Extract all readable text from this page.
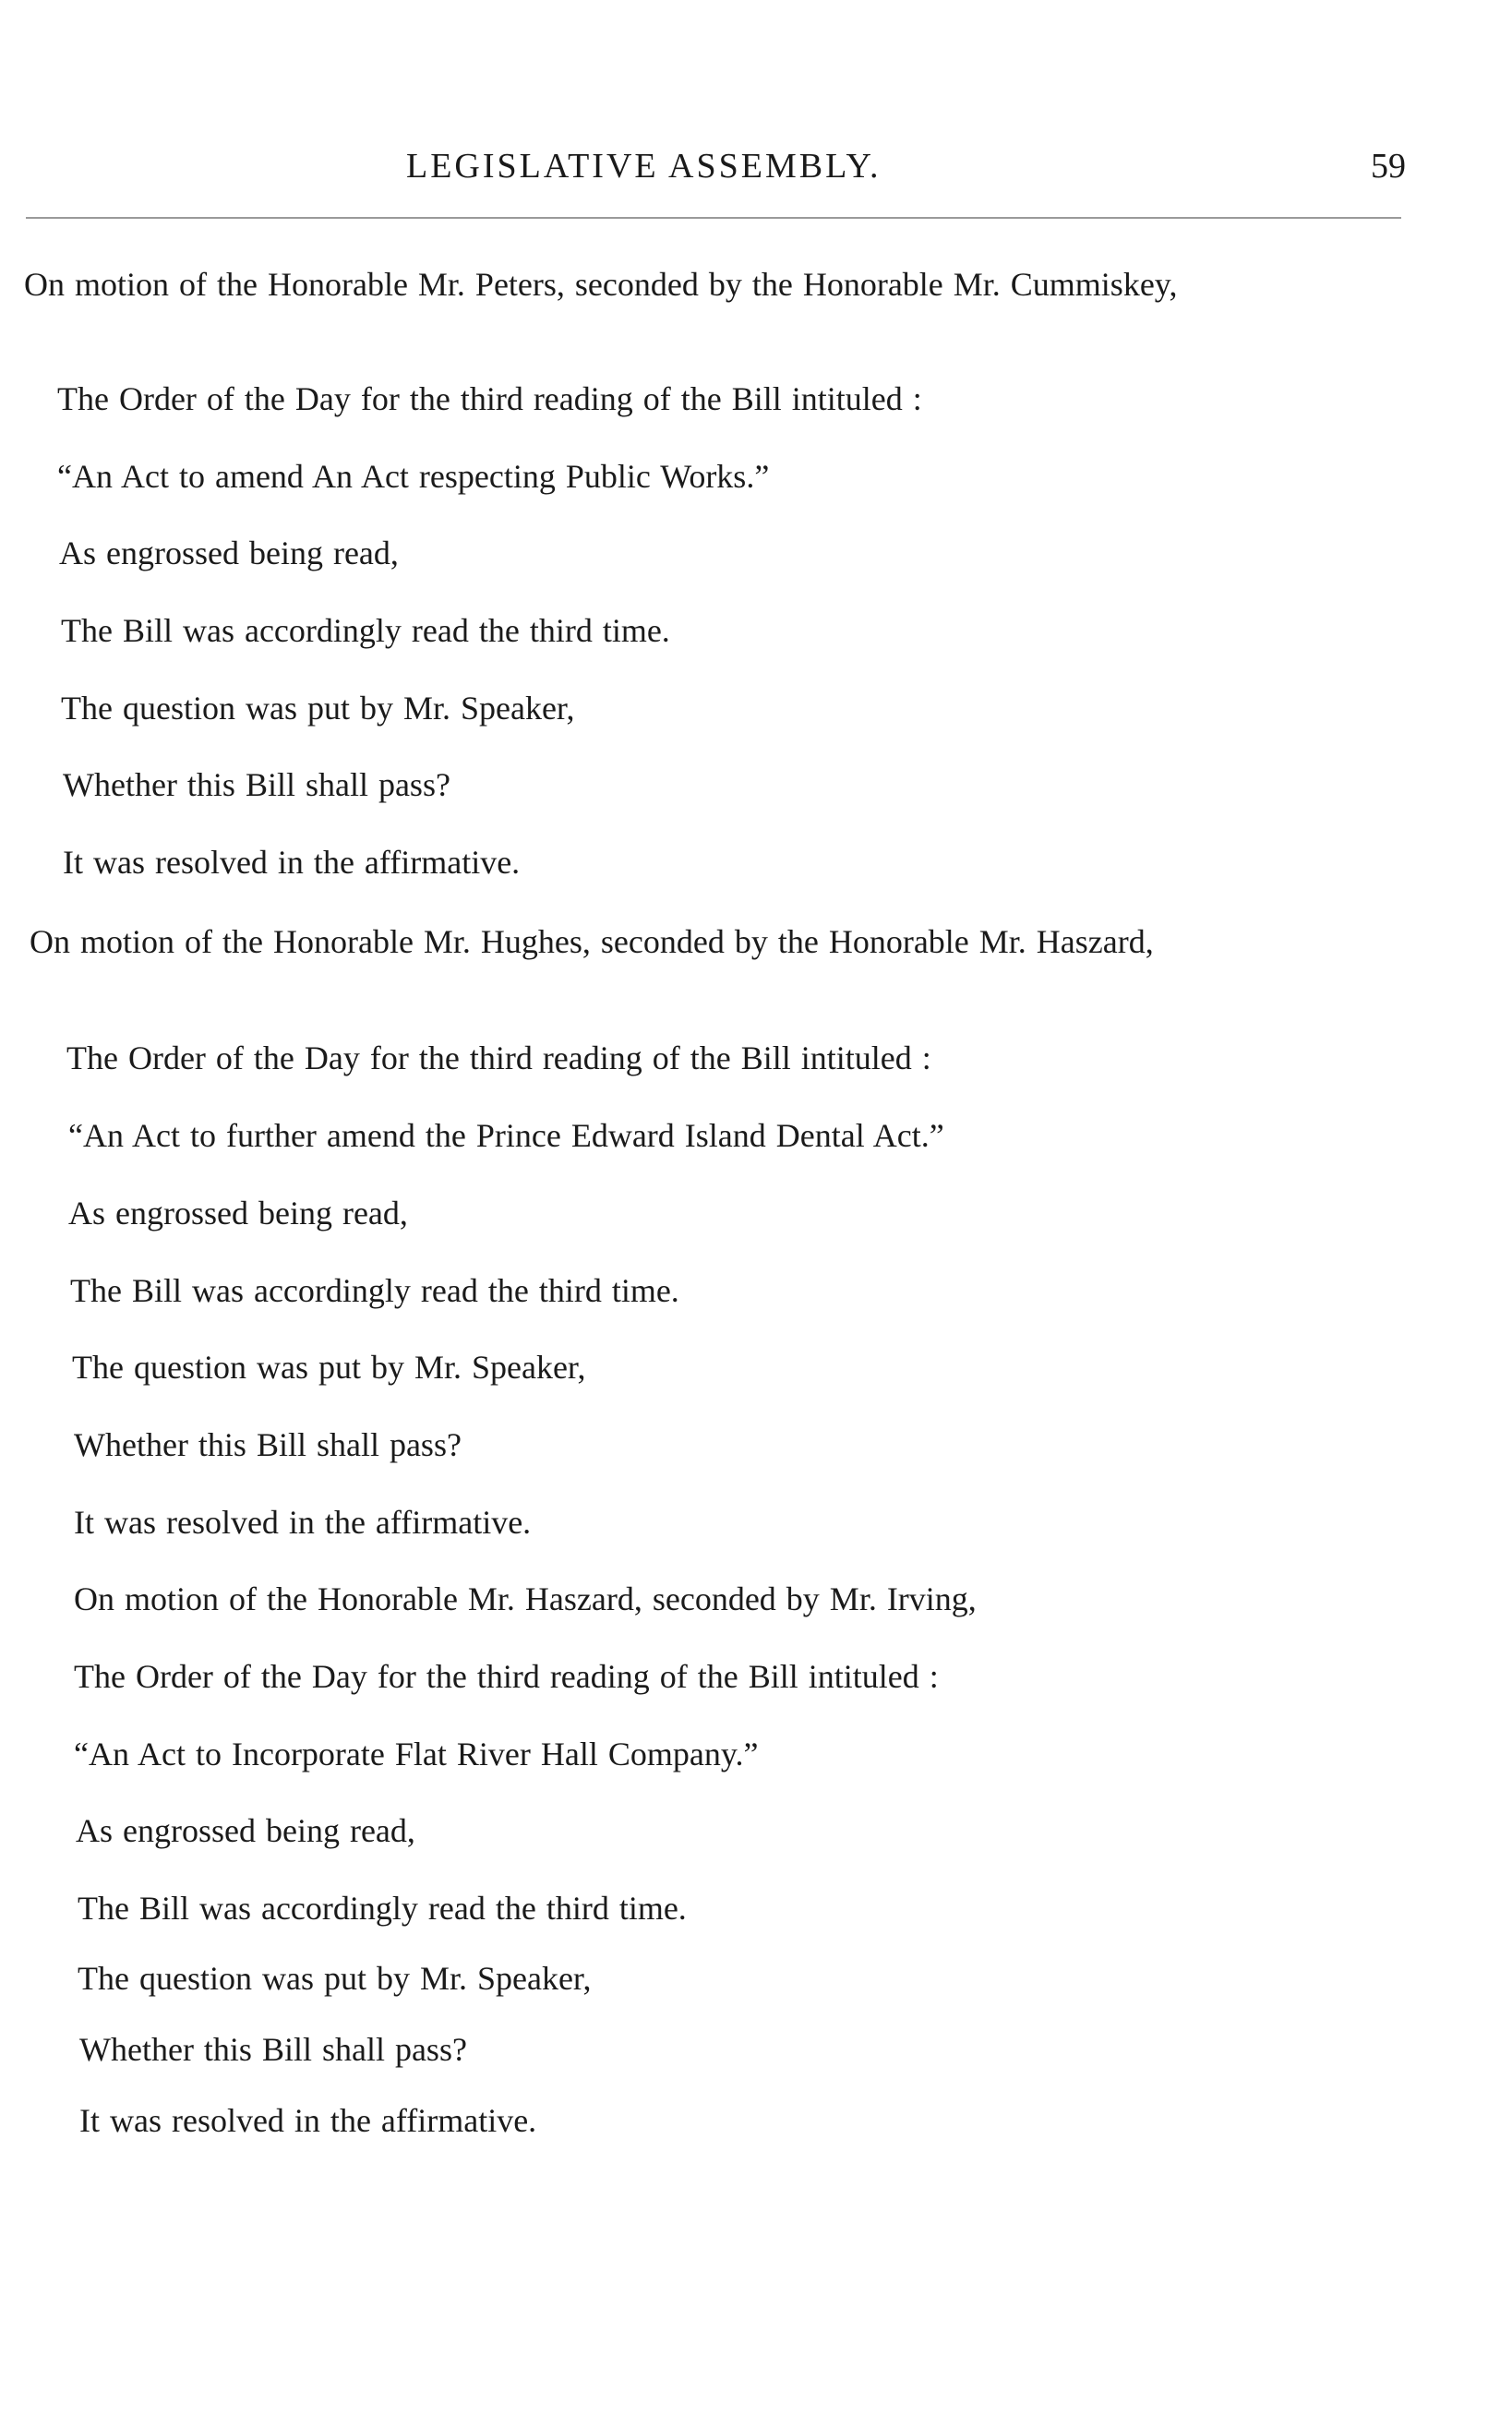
LEGISLATIVE ASSEMBLY.	59
On motion of the Honorable Mr. Peters, seconded by the Honorable Mr. Cummiskey,
The Order of the Day for the third reading of the Bill intituled :
“An Act to amend An Act respecting Public Works.”
As engrossed being read,
The Bill was accordingly read the third time.
The question was put by Mr. Speaker,
Whether this Bill shall pass?
It was resolved in the affirmative.
On motion of the Honorable Mr. Hughes, seconded by the Honorable Mr. Haszard,
The Order of the Day for the third reading of the Bill intituled :
“An Act to further amend the Prince Edward Island Dental Act.”
As engrossed being read,
The Bill was accordingly read the third time.
The question was put by Mr. Speaker,
Whether this Bill shall pass?
It was resolved in the affirmative.
On motion of the Honorable Mr. Haszard, seconded by Mr. Irving,
The Order of the Day for the third reading of the Bill intituled :
“An Act to Incorporate Flat River Hall Company.”
As engrossed being read,
The Bill was accordingly read the third time.
The question was put by Mr. Speaker,
Whether this Bill shall pass?
It was resolved in the affirmative.
